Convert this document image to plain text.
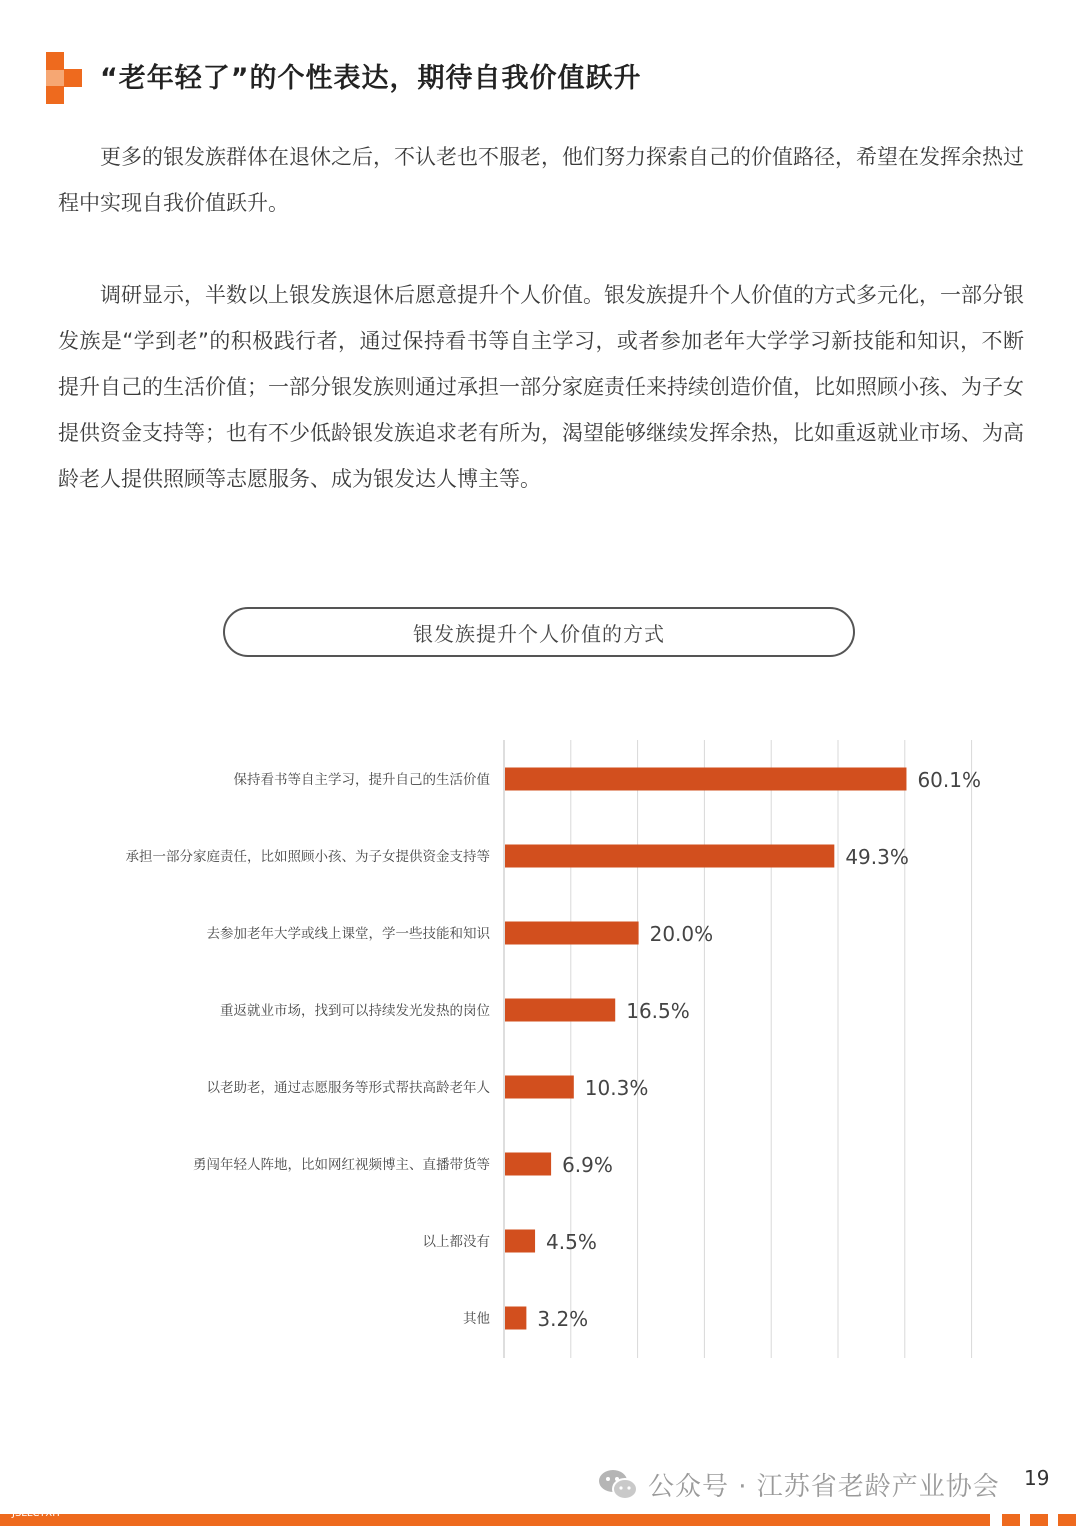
“老年轻了”的个性表达，期待自我价值跃升

更多的银发族群体在退休之后，不认老也不服老，他们努力探索自己的价值路径，希望在发挥余热过程中实现自我价值跃升。

调研显示，半数以上银发族退休后愿意提升个人价值。银发族提升个人价值的方式多元化，一部分银发族是“学到老”的积极践行者，通过保持看书等自主学习，或者参加老年大学学习新技能和知识，不断提升自己的生活价值；一部分银发族则通过承担一部分家庭责任来持续创造价值，比如照顾小孩、为子女提供资金支持等；也有不少低龄银发族追求老有所为，渴望能够继续发挥余热，比如重返就业市场、为高龄老人提供照顾等志愿服务、成为银发达人博主等。

银发族提升个人价值的方式
保持看书等自主学习，提升自己的生活价值	60.1%
承担一部分家庭责任，比如照顾小孩、为子女提供资金支持等	49.3%
去参加老年大学或线上课堂，学一些技能和知识	20.0%
重返就业市场，找到可以持续发光发热的岗位	16.5%
以老助老，通过志愿服务等形式帮扶高龄老年人	10.3%
勇闯年轻人阵地，比如网红视频博主、直播带货等	6.9%
以上都没有	4.5%
其他 3.2%
公众号 · 江苏省老龄产业协会 19
JSLLCYXH
